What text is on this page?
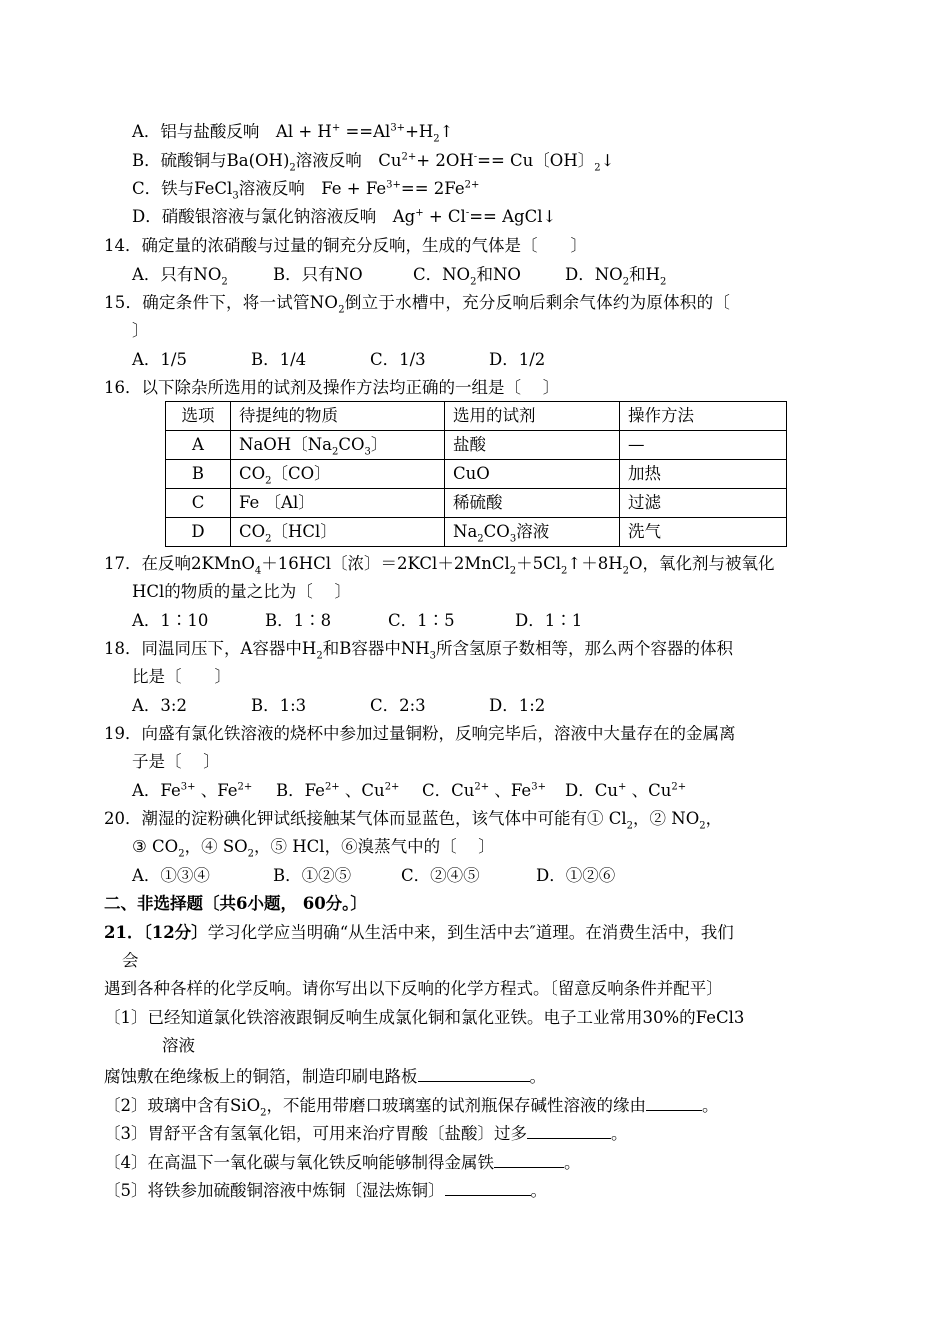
A．铝与盐酸反响　$Al + H^+ ==Al^{3+}+H_2↑$
B．硫酸铜与$Ba(OH)_2$溶液反响　$Cu^{2+}+ 2OH^-== Cu$〔OH〕$_2$↓
C．铁与FeCl$_3$溶液反响　$Fe + Fe^{3+}== 2Fe^{2+}$
D．硝酸银溶液与氯化钠溶液反响　Ag+ + Cl-== AgCl↓
14．确定量的浓硝酸与过量的铜充分反响，生成的气体是〔　　〕
A．只有$NO_2$	B．只有NO	C．$NO_2$和NO	D．$NO_2$和$H_2$
15．确定条件下，将一试管$NO_2$倒立于水槽中，充分反响后剩余气体约为原体积的〔
〕
A．1/5	B．1/4	C．1/3	D．1/2
16．以下除杂所选用的试剂及操作方法均正确的一组是〔　 〕
选项	待提纯的物质	选用的试剂	操作方法
A	NaOH〔$Na_2CO_3$〕	盐酸	—
B	$CO_2$〔CO〕	CuO	加热
C	Fe 〔Al〕	稀硫酸	过滤
D	$CO_2$〔HCl〕	$Na_2CO_3$溶液	洗气
17．在反响2KMnO$_4$＋16HCl〔浓〕$=2KCl+2MnCl_2+5Cl_2↑+8H_2O$，氧化剂与被氧化
HCl的物质的量之比为〔　 〕
A．1∶10	B．1∶8	C．1∶5	D．1∶1
18．同温同压下，A容器中$H_2$和B容器中$NH_3$所含氢原子数相等，那么两个容器的体积
比是〔　　〕
A．3:2	B．1:3	C．2:3	D．1:2
19．向盛有氯化铁溶液的烧杯中参加过量铜粉，反响完毕后，溶液中大量存在的金属离
子是〔　 〕
A．$Fe^{3+}$ 、$Fe^{2+}$ B．$Fe^{2+}$ 、$Cu^{2+}$ C．$Cu^{2+}$ 、$Fe^{3+}$ D．Cu+ 、$Cu^{2+}$
20．潮湿的淀粉碘化钾试纸接触某气体而显蓝色，该气体中可能有① $Cl_2$，② $NO_2$，
③ $CO_2$，④ $SO_2$，⑤ HCl，⑥溴蒸气中的〔　 〕
A．①③④	B．①②⑤	C．②④⑤	D．①②⑥
二、非选择题〔共6小题， 60分。〕
21．〔12分〕学习化学应当明确“从生活中来，到生活中去″道理。在消费生活中，我们
会
遇到各种各样的化学反响。请你写出以下反响的化学方程式。〔留意反响条件并配平〕
〔1〕已经知道氯化铁溶液跟铜反响生成氯化铜和氯化亚铁。电子工业常用30%的FeCl3
溶液
腐蚀敷在绝缘板上的铜箔，制造印刷电路板	。
〔2〕玻璃中含有SiO$_2$，不能用带磨口玻璃塞的试剂瓶保存碱性溶液的缘由	。
〔3〕胃舒平含有氢氧化铝，可用来治疗胃酸〔盐酸〕过多	。
〔4〕在高温下一氧化碳与氧化铁反响能够制得金属铁	。
〔5〕将铁参加硫酸铜溶液中炼铜〔湿法炼铜〕	。
